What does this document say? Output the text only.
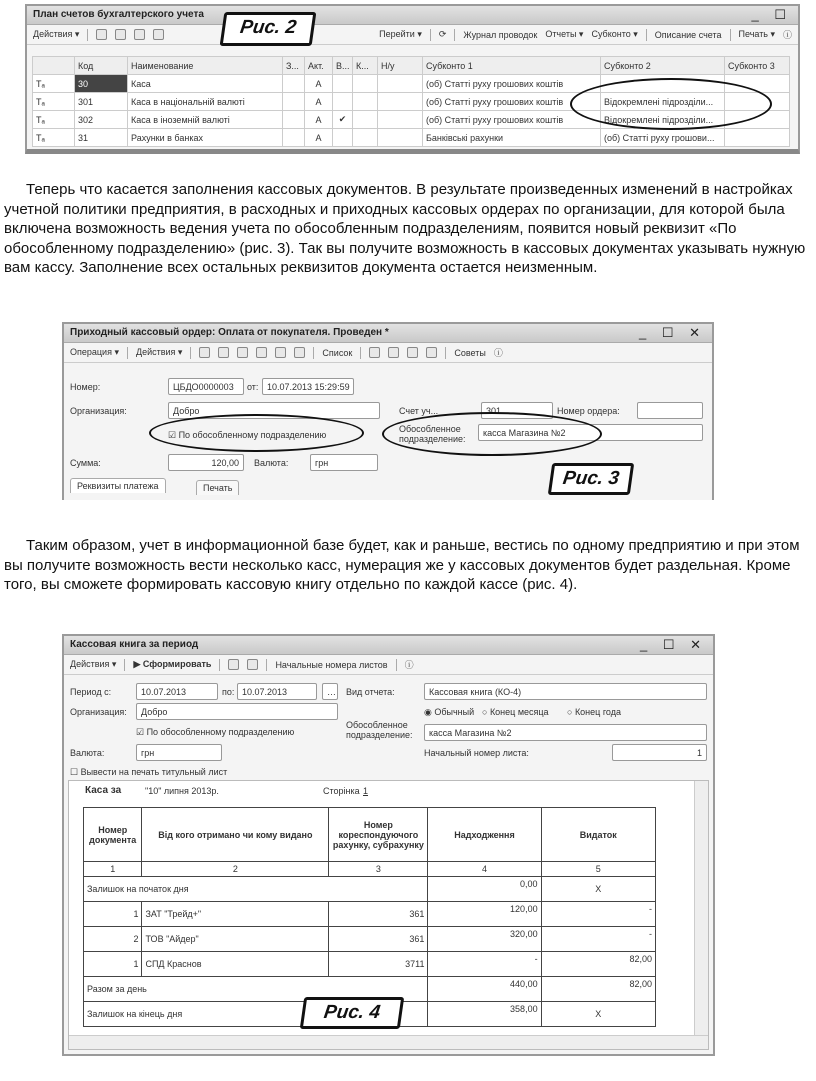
План счетов бухгалтерского учета	_ ☐
Действия ▾	Перейти ▾ ⟳ Журнал проводок Отчеты ▾ Субконто ▾ Описание счета Печать ▾ ⓘ
	Код	Наименование	З...	Акт.	В...	К...	Н/у	Субконто 1	Субконто 2	Субконто 3
Tₐ	30	Каса		А				(об) Статті руху грошових коштів		
Tₐ	301	Каса в національній валюті		А				(об) Статті руху грошових коштів	Відокремлені підрозділи...	
Tₐ	302	Каса в іноземній валюті		А	✔			(об) Статті руху грошових коштів	Відокремлені підрозділи...	
Tₐ	31	Рахунки в банках		А				Банківські рахунки	(об) Статті руху грошови...	
Рис. 2
Теперь что касается заполнения кассовых документов. В результате произведенных изменений в настройках учетной политики предприятия, в расходных и приходных кассовых ордерах по организации, для которой была включена возможность ведения учета по обособленным подразделениям, появится новый реквизит «По обособленному подразделению» (рис. 3). Так вы получите возможность в кассовых документах указывать нужную вам кассу. Заполнение всех остальных реквизитов документа остается неизменным.
Приходный кассовый ордер: Оплата от покупателя. Проведен *	_ ☐ ✕
Операция ▾ Действия ▾	Список	Советы ⓘ
Номер:	ЦБДО0000003	от: 10.07.2013 15:29:59
Организация:	Добро	Счет уч...	301	Номер ордера:
☑ По обособленному подразделению
Обособленное подразделение:
касса Магазина №2
Сумма:	120,00	Валюта:	грн
Реквизиты платежа	Печать	Рис. 3
Таким образом, учет в информационной базе будет, как и раньше, вестись по одному предприятию и при этом вы получите возможность вести несколько касс, нумерация же у кассовых документов будет раздельная. Кроме того, вы сможете формировать кассовую книгу отдельно по каждой кассе (рис. 4).
Кассовая книга за период	_ ☐ ✕
Действия ▾ ▶ Сформировать	Начальные номера листов ⓘ
Период с:	10.07.2013	по: 10.07.2013	… Вид отчета:	Кассовая книга (КО-4)
Организация:	Добро	◉ Обычный ○ Конец месяца ○ Конец года
☑ По обособленному подразделению
Обособленное подразделение:	касса Магазина №2
Валюта:	грн	Начальный номер листа:	1
☐ Вывести на печать титульный лист
Каса за	"10" липня 2013р.	Сторінка 1
Номер документа	Від кого отримано чи кому видано	Номер кореспондуючого рахунку, субрахунку	Надходження	Видаток
1	2	3	4	5
Залишок на початок дня			0,00	X
1	ЗАТ "Трейд+"	361	120,00	-
2	ТОВ "Айдер"	361	320,00	-
1	СПД Краснов	3711	-	82,00
Разом за день			440,00	82,00
Залишок на кінець дня			358,00	X
Рис. 4
